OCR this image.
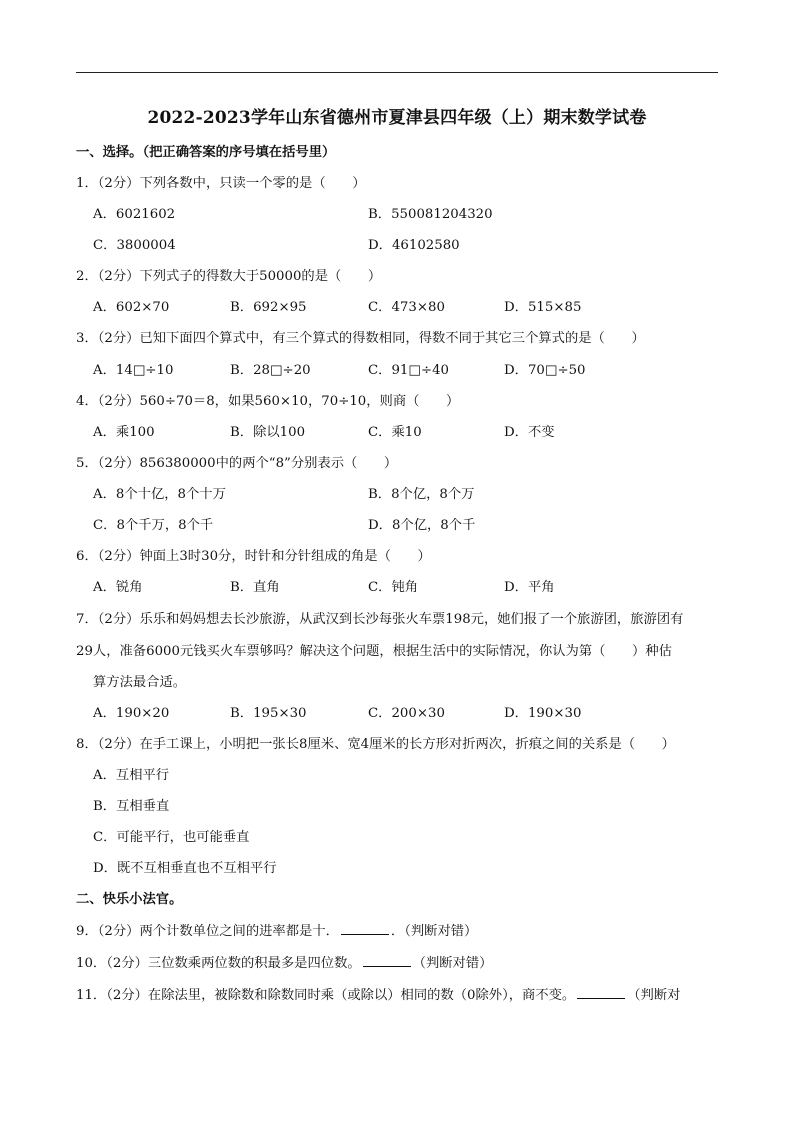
2022-2023学年山东省德州市夏津县四年级（上）期末数学试卷
一、选择。（把正确答案的序号填在括号里）
1．（2分）下列各数中，只读一个零的是（　　）
A．6021602	B．550081204320
C．3800004	D．46102580
2．（2分）下列式子的得数大于50000的是（　　）
A．602×70	B．692×95	C．473×80	D．515×85
3．（2分）已知下面四个算式中，有三个算式的得数相同，得数不同于其它三个算式的是（　　）
A．14□÷10	B．28□÷20	C．91□÷40	D．70□÷50
4．（2分）560÷70＝8，如果560×10，70÷10，则商（　　）
A．乘100	B．除以100	C．乘10	D．不变
5．（2分）856380000中的两个“8”分别表示（　　）
A．8个十亿，8个十万	B．8个亿，8个万
C．8个千万，8个千	D．8个亿，8个千
6．（2分）钟面上3时30分，时针和分针组成的角是（　　）
A．锐角	B．直角	C．钝角	D．平角
7．（2分）乐乐和妈妈想去长沙旅游，从武汉到长沙每张火车票198元，她们报了一个旅游团，旅游团有
29人，准备6000元钱买火车票够吗？解决这个问题，根据生活中的实际情况，你认为第（　　）种估
算方法最合适。
A．190×20	B．195×30	C．200×30	D．190×30
8．（2分）在手工课上，小明把一张长8厘米、宽4厘米的长方形对折两次，折痕之间的关系是（　　）
A．互相平行
B．互相垂直
C．可能平行，也可能垂直
D．既不互相垂直也不互相平行
二、快乐小法官。
9．（2分）两个计数单位之间的进率都是十．	．（判断对错）
10．（2分）三位数乘两位数的积最多是四位数。	（判断对错）
11．（2分）在除法里，被除数和除数同时乘（或除以）相同的数（0除外），商不变。	（判断对
